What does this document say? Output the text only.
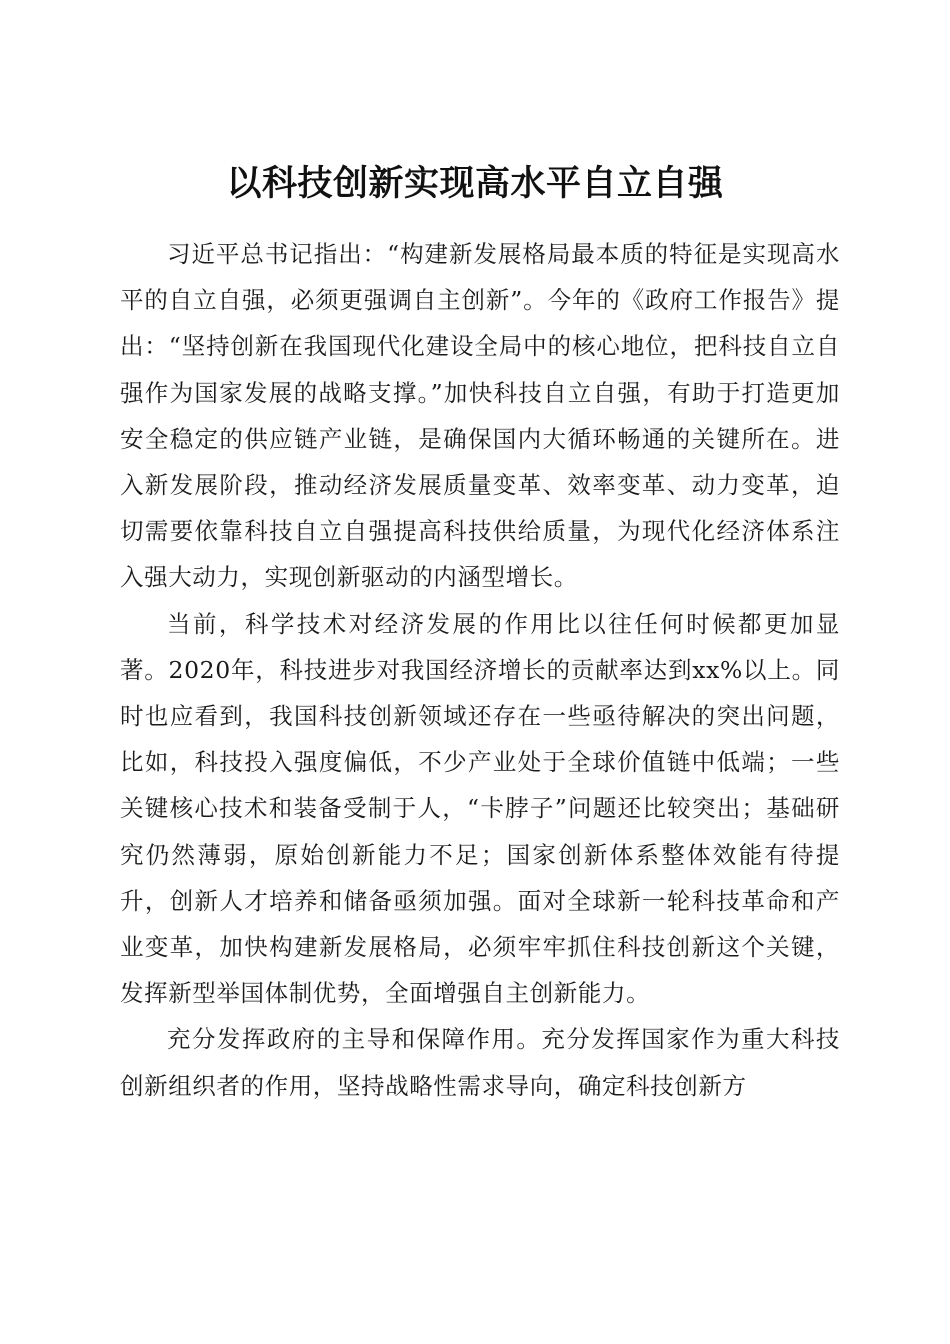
以科技创新实现高水平自立自强

习近平总书记指出：“构建新发展格局最本质的特征是实现高水平的自立自强，必须更强调自主创新”。今年的《政府工作报告》提出：“坚持创新在我国现代化建设全局中的核心地位，把科技自立自强作为国家发展的战略支撑。”加快科技自立自强，有助于打造更加安全稳定的供应链产业链，是确保国内大循环畅通的关键所在。进入新发展阶段，推动经济发展质量变革、效率变革、动力变革，迫切需要依靠科技自立自强提高科技供给质量，为现代化经济体系注入强大动力，实现创新驱动的内涵型增长。

当前，科学技术对经济发展的作用比以往任何时候都更加显著。2020年，科技进步对我国经济增长的贡献率达到xx%以上。同时也应看到，我国科技创新领域还存在一些亟待解决的突出问题，比如，科技投入强度偏低，不少产业处于全球价值链中低端；一些关键核心技术和装备受制于人，“卡脖子”问题还比较突出；基础研究仍然薄弱，原始创新能力不足；国家创新体系整体效能有待提升，创新人才培养和储备亟须加强。面对全球新一轮科技革命和产业变革，加快构建新发展格局，必须牢牢抓住科技创新这个关键，发挥新型举国体制优势，全面增强自主创新能力。

充分发挥政府的主导和保障作用。充分发挥国家作为重大科技创新组织者的作用，坚持战略性需求导向，确定科技创新方
